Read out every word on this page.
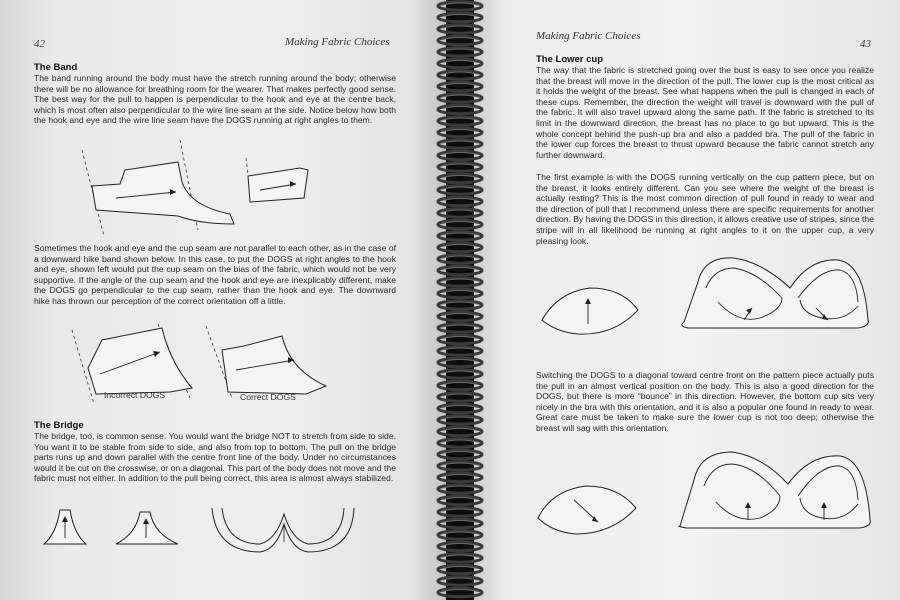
42	Making Fabric Choices
The Band
The band running around the body must have the stretch running around the body; otherwise there will be no allowance for breathing room for the wearer. That makes perfectly good sense. The best way for the pull to happen is perpendicular to the hook and eye at the centre back, which is most often also perpendicular to the wire line seam at the side. Notice below how both the hook and eye and the wire line seam have the DOGS running at right angles to them.
Sometimes the hook and eye and the cup seam are not parallel to each other, as in the case of a downward hike band shown below. In this case, to put the DOGS at right angles to the hook and eye, shown left would put the cup seam on the bias of the fabric, which would not be very supportive. If the angle of the cup seam and the hook and eye are inexplicably different, make the DOGS go perpendicular to the cup seam, rather than the hook and eye. The downward hike has thrown our perception of the correct orientation off a little.
Incorrect DOGS	Correct DOGS
The Bridge
The bridge, too, is common sense. You would want the bridge NOT to stretch from side to side. You want it to be stable from side to side, and also from top to bottom. The pull on the bridge parts runs up and down parallel with the centre front line of the body. Under no circumstances would it be cut on the crosswise, or on a diagonal. This part of the body does not move and the fabric must not either. In addition to the pull being correct, this area is almost always stabilized.
Making Fabric Choices
43
The Lower cup
The way that the fabric is stretched going over the bust is easy to see once you realize that the breast will move in the direction of the pull. The lower cup is the most critical as it holds the weight of the breast. See what happens when the pull is changed in each of these cups. Remember, the direction the weight will travel is downward with the pull of the fabric. It will also travel upward along the same path. If the fabric is stretched to its limit in the downward direction, the breast has no place to go but upward. This is the whole concept behind the push-up bra and also a padded bra. The pull of the fabric in the lower cup forces the breast to thrust upward because the fabric cannot stretch any further downward.
The first example is with the DOGS running vertically on the cup pattern piece, but on the breast, it looks entirely different. Can you see where the weight of the breast is actually resting? This is the most common direction of pull found in ready to wear and the direction of pull that I recommend unless there are specific requirements for another direction. By having the DOGS in this direction, it allows creative use of stripes, since the stripe will in all likelihood be running at right angles to it on the upper cup, a very pleasing look.
Switching the DOGS to a diagonal toward centre front on the pattern piece actually puts the pull in an almost vertical position on the body. This is also a good direction for the DOGS, but there is more “bounce” in this direction. However, the bottom cup sits very nicely in the bra with this orientation, and it is also a popular one found in ready to wear. Great care must be taken to make sure the lower cup is not too deep; otherwise the breast will sag with this orientation.
